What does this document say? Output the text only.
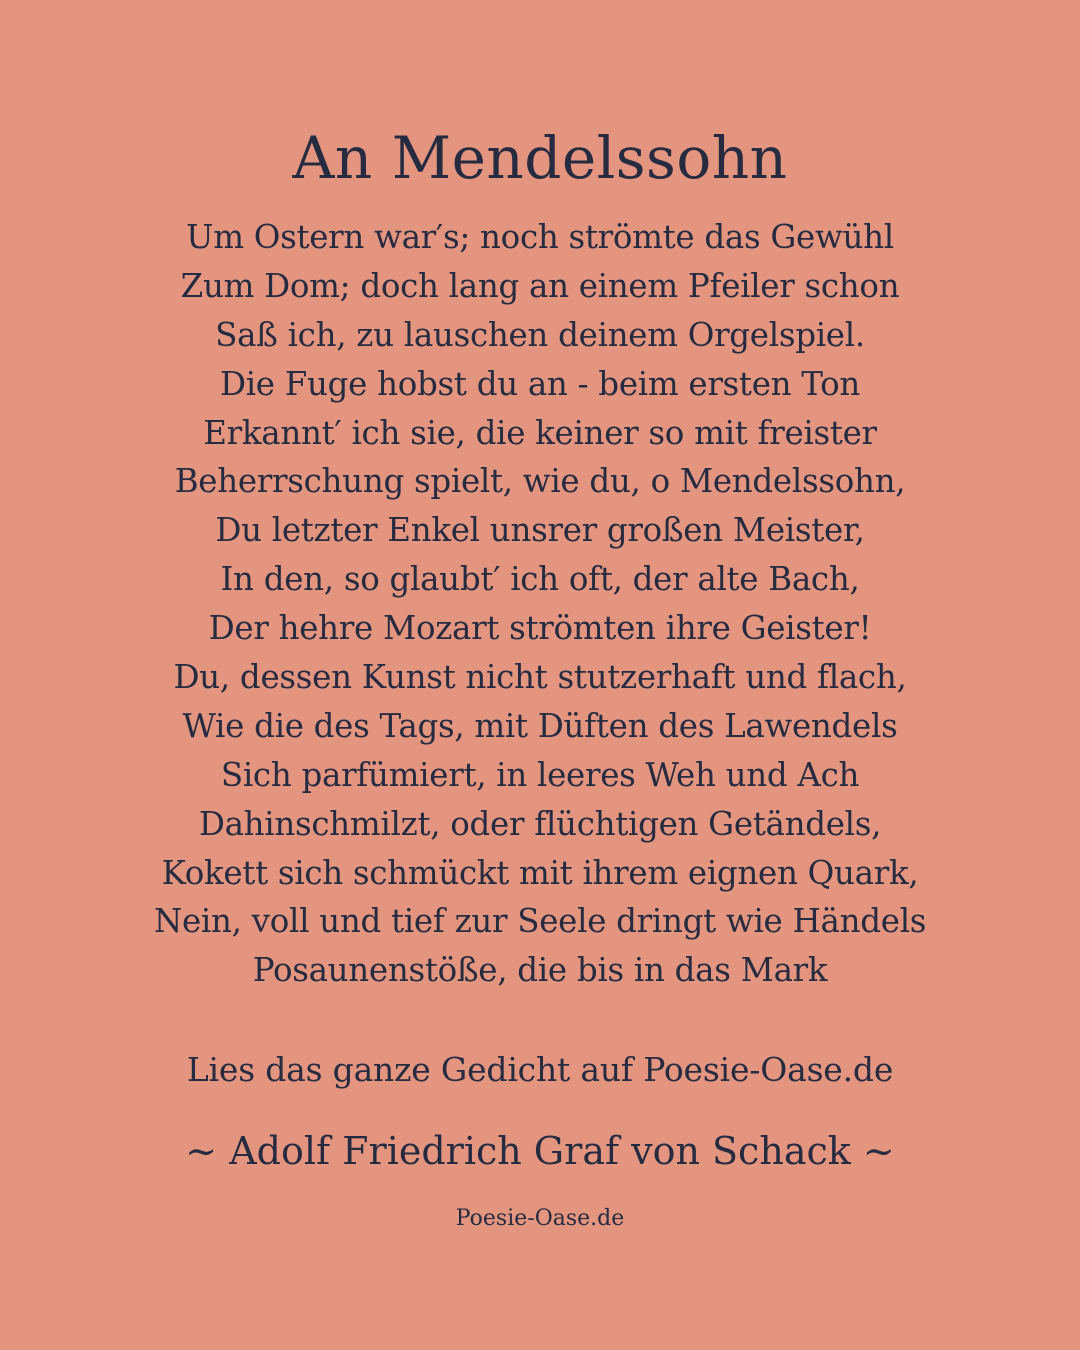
An Mendelssohn
Um Ostern war′s; noch strömte das Gewühl
Zum Dom; doch lang an einem Pfeiler schon
Saß ich, zu lauschen deinem Orgelspiel.
Die Fuge hobst du an - beim ersten Ton
Erkannt′ ich sie, die keiner so mit freister
Beherrschung spielt, wie du, o Mendelssohn,
Du letzter Enkel unsrer großen Meister,
In den, so glaubt′ ich oft, der alte Bach,
Der hehre Mozart strömten ihre Geister!
Du, dessen Kunst nicht stutzerhaft und flach,
Wie die des Tags, mit Düften des Lawendels
Sich parfümiert, in leeres Weh und Ach
Dahinschmilzt, oder flüchtigen Getändels,
Kokett sich schmückt mit ihrem eignen Quark,
Nein, voll und tief zur Seele dringt wie Händels
Posaunenstöße, die bis in das Mark
Lies das ganze Gedicht auf Poesie-Oase.de
~ Adolf Friedrich Graf von Schack ~
Poesie-Oase.de
